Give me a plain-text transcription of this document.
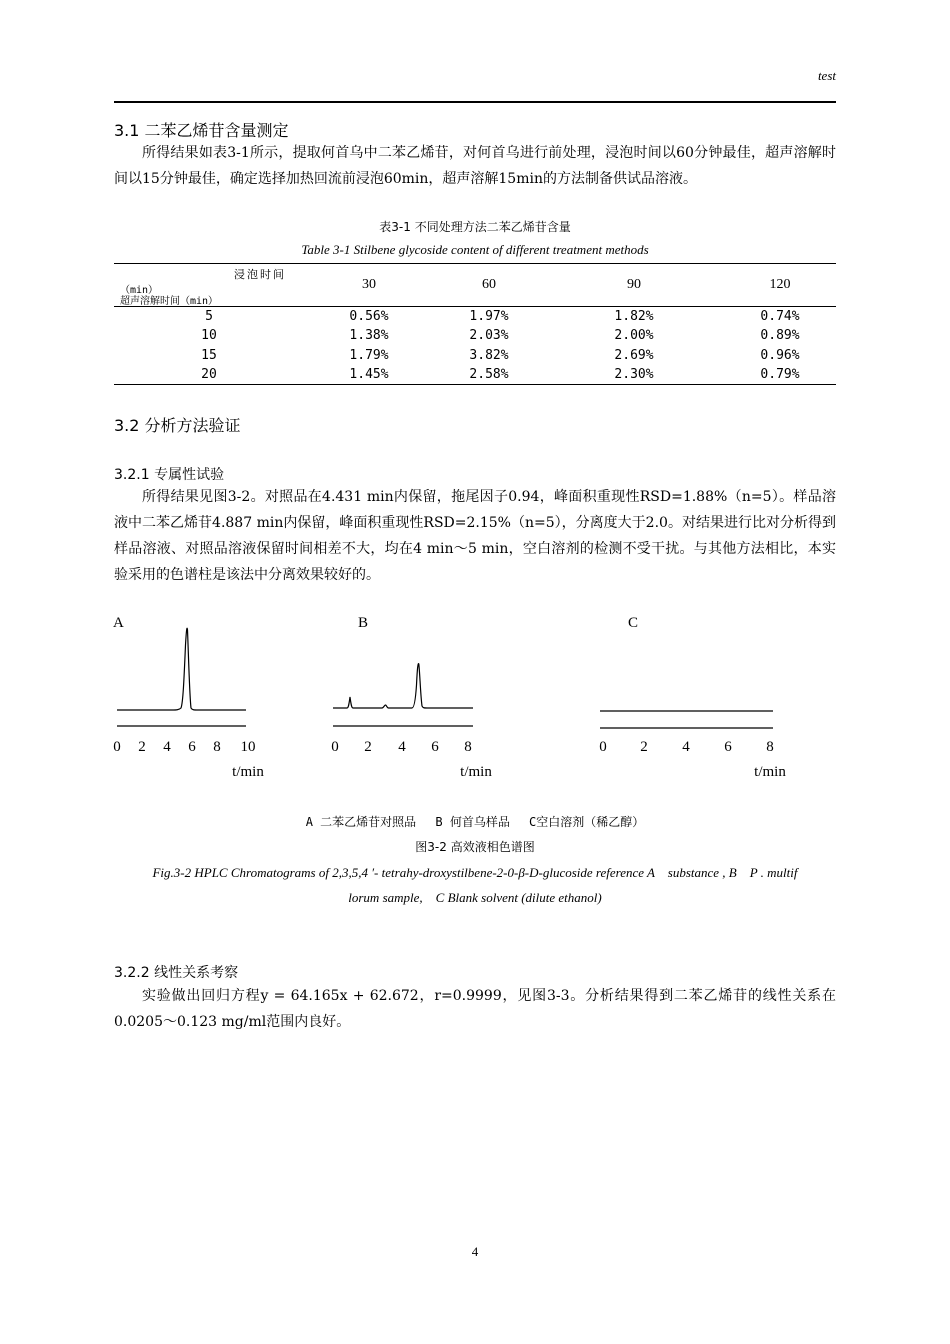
test
3.1 二苯乙烯苷含量测定

所得结果如表3-1所示，提取何首乌中二苯乙烯苷，对何首乌进行前处理，浸泡时间以60分钟最佳，超声溶解时间以15分钟最佳，确定选择加热回流前浸泡60min，超声溶解15min的方法制备供试品溶液。

表3-1 不同处理方法二苯乙烯苷含量
Table 3-1 Stilbene glycoside content of different treatment methods
浸泡时间
（min）
超声溶解时间（min）	30	60	90	120
5	0.56%	1.97%	1.82%	0.74%
10	1.38%	2.03%	2.00%	0.89%
15	1.79%	3.82%	2.69%	0.96%
20	1.45%	2.58%	2.30%	0.79%
3.2 分析方法验证
3.2.1 专属性试验

所得结果见图3-2。对照品在4.431 min内保留，拖尾因子0.94，峰面积重现性RSD=1.88%（n=5）。样品溶液中二苯乙烯苷4.887 min内保留，峰面积重现性RSD=2.15%（n=5），分离度大于2.0。对结果进行比对分析得到样品溶液、对照品溶液保留时间相差不大，均在4 min～5 min，空白溶剂的检测不受干扰。与其他方法相比，本实验采用的色谱柱是该法中分离效果较好的。

A
0 2 4 6 8 10
t/min
B
0 2 4 6 8
t/min
C
0 2 4 6 8
t/min
A 二苯乙烯苷对照品　 B 何首乌样品　 C空白溶剂（稀乙醇）
图3-2 高效液相色谱图
Fig.3-2 HPLC Chromatograms of 2,3,5,4 ′- tetrahy-droxystilbene-2-0-β-D-glucoside reference A　substance , B　P . multif
lorum sample,　C Blank solvent (dilute ethanol)
3.2.2 线性关系考察

实验做出回归方程y = 64.165x + 62.672，r=0.9999，见图3-3。分析结果得到二苯乙烯苷的线性关系在0.0205～0.123 mg/ml范围内良好。

4
